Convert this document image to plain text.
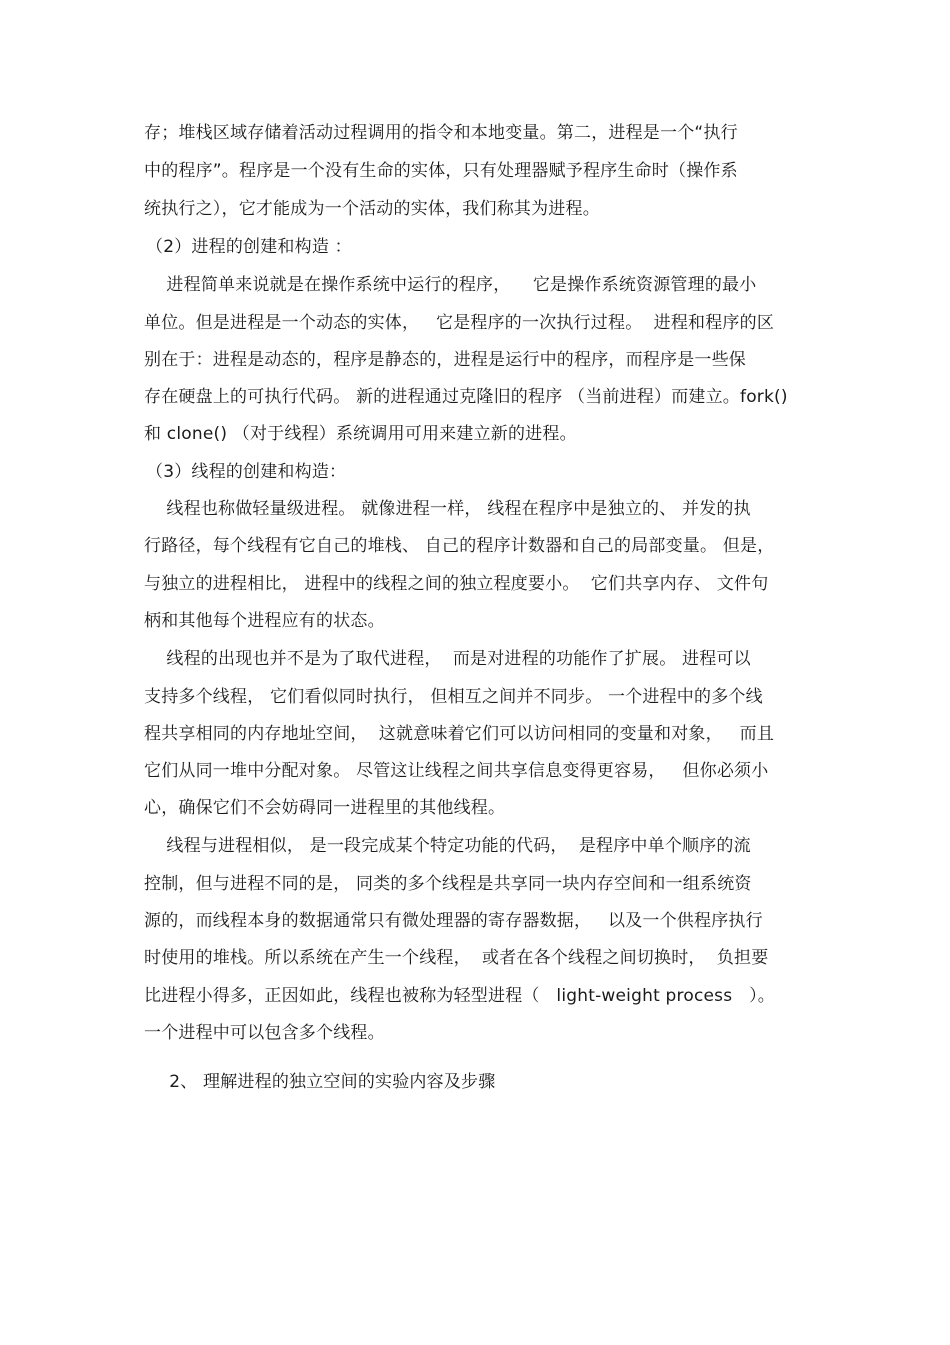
存；堆栈区域存储着活动过程调用的指令和本地变量。第二，进程是一个“执行
中的程序”。程序是一个没有生命的实体，只有处理器赋予程序生命时（操作系
统执行之），它才能成为一个活动的实体，我们称其为进程。
（2）进程的创建和构造 ：
进程简单来说就是在操作系统中运行的程序，    它是操作系统资源管理的最小
单位。但是进程是一个动态的实体，   它是程序的一次执行过程。  进程和程序的区
别在于：进程是动态的，程序是静态的，进程是运行中的程序，而程序是一些保
存在硬盘上的可执行代码。 新的进程通过克隆旧的程序 （当前进程）而建立。fork()
和 clone() （对于线程）系统调用可用来建立新的进程。
（3）线程的创建和构造：
线程也称做轻量级进程。 就像进程一样， 线程在程序中是独立的、 并发的执
行路径，每个线程有它自己的堆栈、 自己的程序计数器和自己的局部变量。 但是，
与独立的进程相比， 进程中的线程之间的独立程度要小。  它们共享内存、 文件句
柄和其他每个进程应有的状态。
线程的出现也并不是为了取代进程，  而是对进程的功能作了扩展。 进程可以
支持多个线程， 它们看似同时执行， 但相互之间并不同步。 一个进程中的多个线
程共享相同的内存地址空间，  这就意味着它们可以访问相同的变量和对象，   而且
它们从同一堆中分配对象。 尽管这让线程之间共享信息变得更容易，   但你必须小
心，确保它们不会妨碍同一进程里的其他线程。
线程与进程相似， 是一段完成某个特定功能的代码，  是程序中单个顺序的流
控制，但与进程不同的是， 同类的多个线程是共享同一块内存空间和一组系统资
源的，而线程本身的数据通常只有微处理器的寄存器数据，   以及一个供程序执行
时使用的堆栈。所以系统在产生一个线程，  或者在各个线程之间切换时，  负担要
比进程小得多，正因如此，线程也被称为轻型进程（   light-weight process   ）。
一个进程中可以包含多个线程。
2、 理解进程的独立空间的实验内容及步骤
